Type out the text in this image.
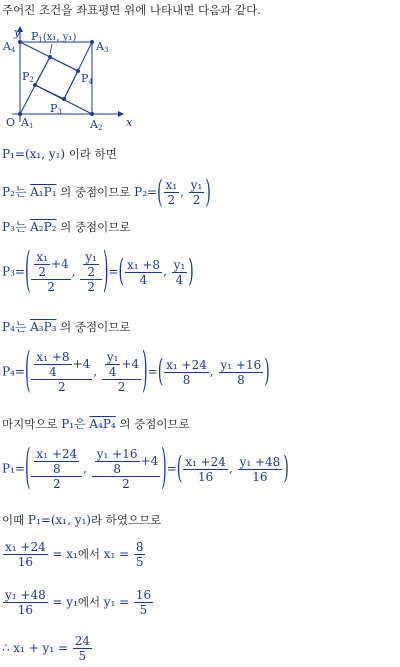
주어진 조건을 좌표평면 위에 나타내면 다음과 같다.
y
x
O A1	A2
A3
A4
P1(x₁, y₁)
P2
P3
P4
P₁=(x₁, y₁) 이라 하면
P₂는 A₁P₁ 의 중점이므로 $P_2=( \frac{\text{x₁}}{2}$ , $\frac{\text{y₁}}{2}$ )
P₃는 A₂P₂ 의 중점이므로
$P_3=( \frac{\frac{\text{x₁}}{2} +4}{2}$ , $\frac{\frac{\text{y₁}}{2}}{2}$ )=( $\frac{\text{x₁ +8}}{4}$ , $\frac{\text{y₁}}{4}$ )
P₄는 A₃P₃ 의 중점이므로
$P_4=( \frac{\frac{\text{x₁ +8}}{4} +4}{2}$ , $\frac{\frac{\text{y₁}}{4} +4}{2}$ )=( $\frac{\text{x₁ +24}}{8}$ , $\frac{\text{y₁ +16}}{8}$ )
마지막으로 P₁은 A₄P₄ 의 중점이므로
$P_1=( \frac{\frac{\text{x₁ +24}}{8}}{2}$ , $\frac{\frac{\text{y₁ +16}}{8} +4}{2}$ )=( $\frac{\text{x₁ +24}}{16}$ , $\frac{\text{y₁ +48}}{16}$ )
이때 P₁=(x₁, y₁)라 하였으므로
$\frac{\text{x₁ +24}}{16} = x_1$에서 $x_1 = \frac{8}{5}$
$\frac{\text{y₁ +48}}{16} = y_1$에서 $y_1 = \frac{16}{5}$
∴ $x_1 + y_1 = \frac{24}{5}$
